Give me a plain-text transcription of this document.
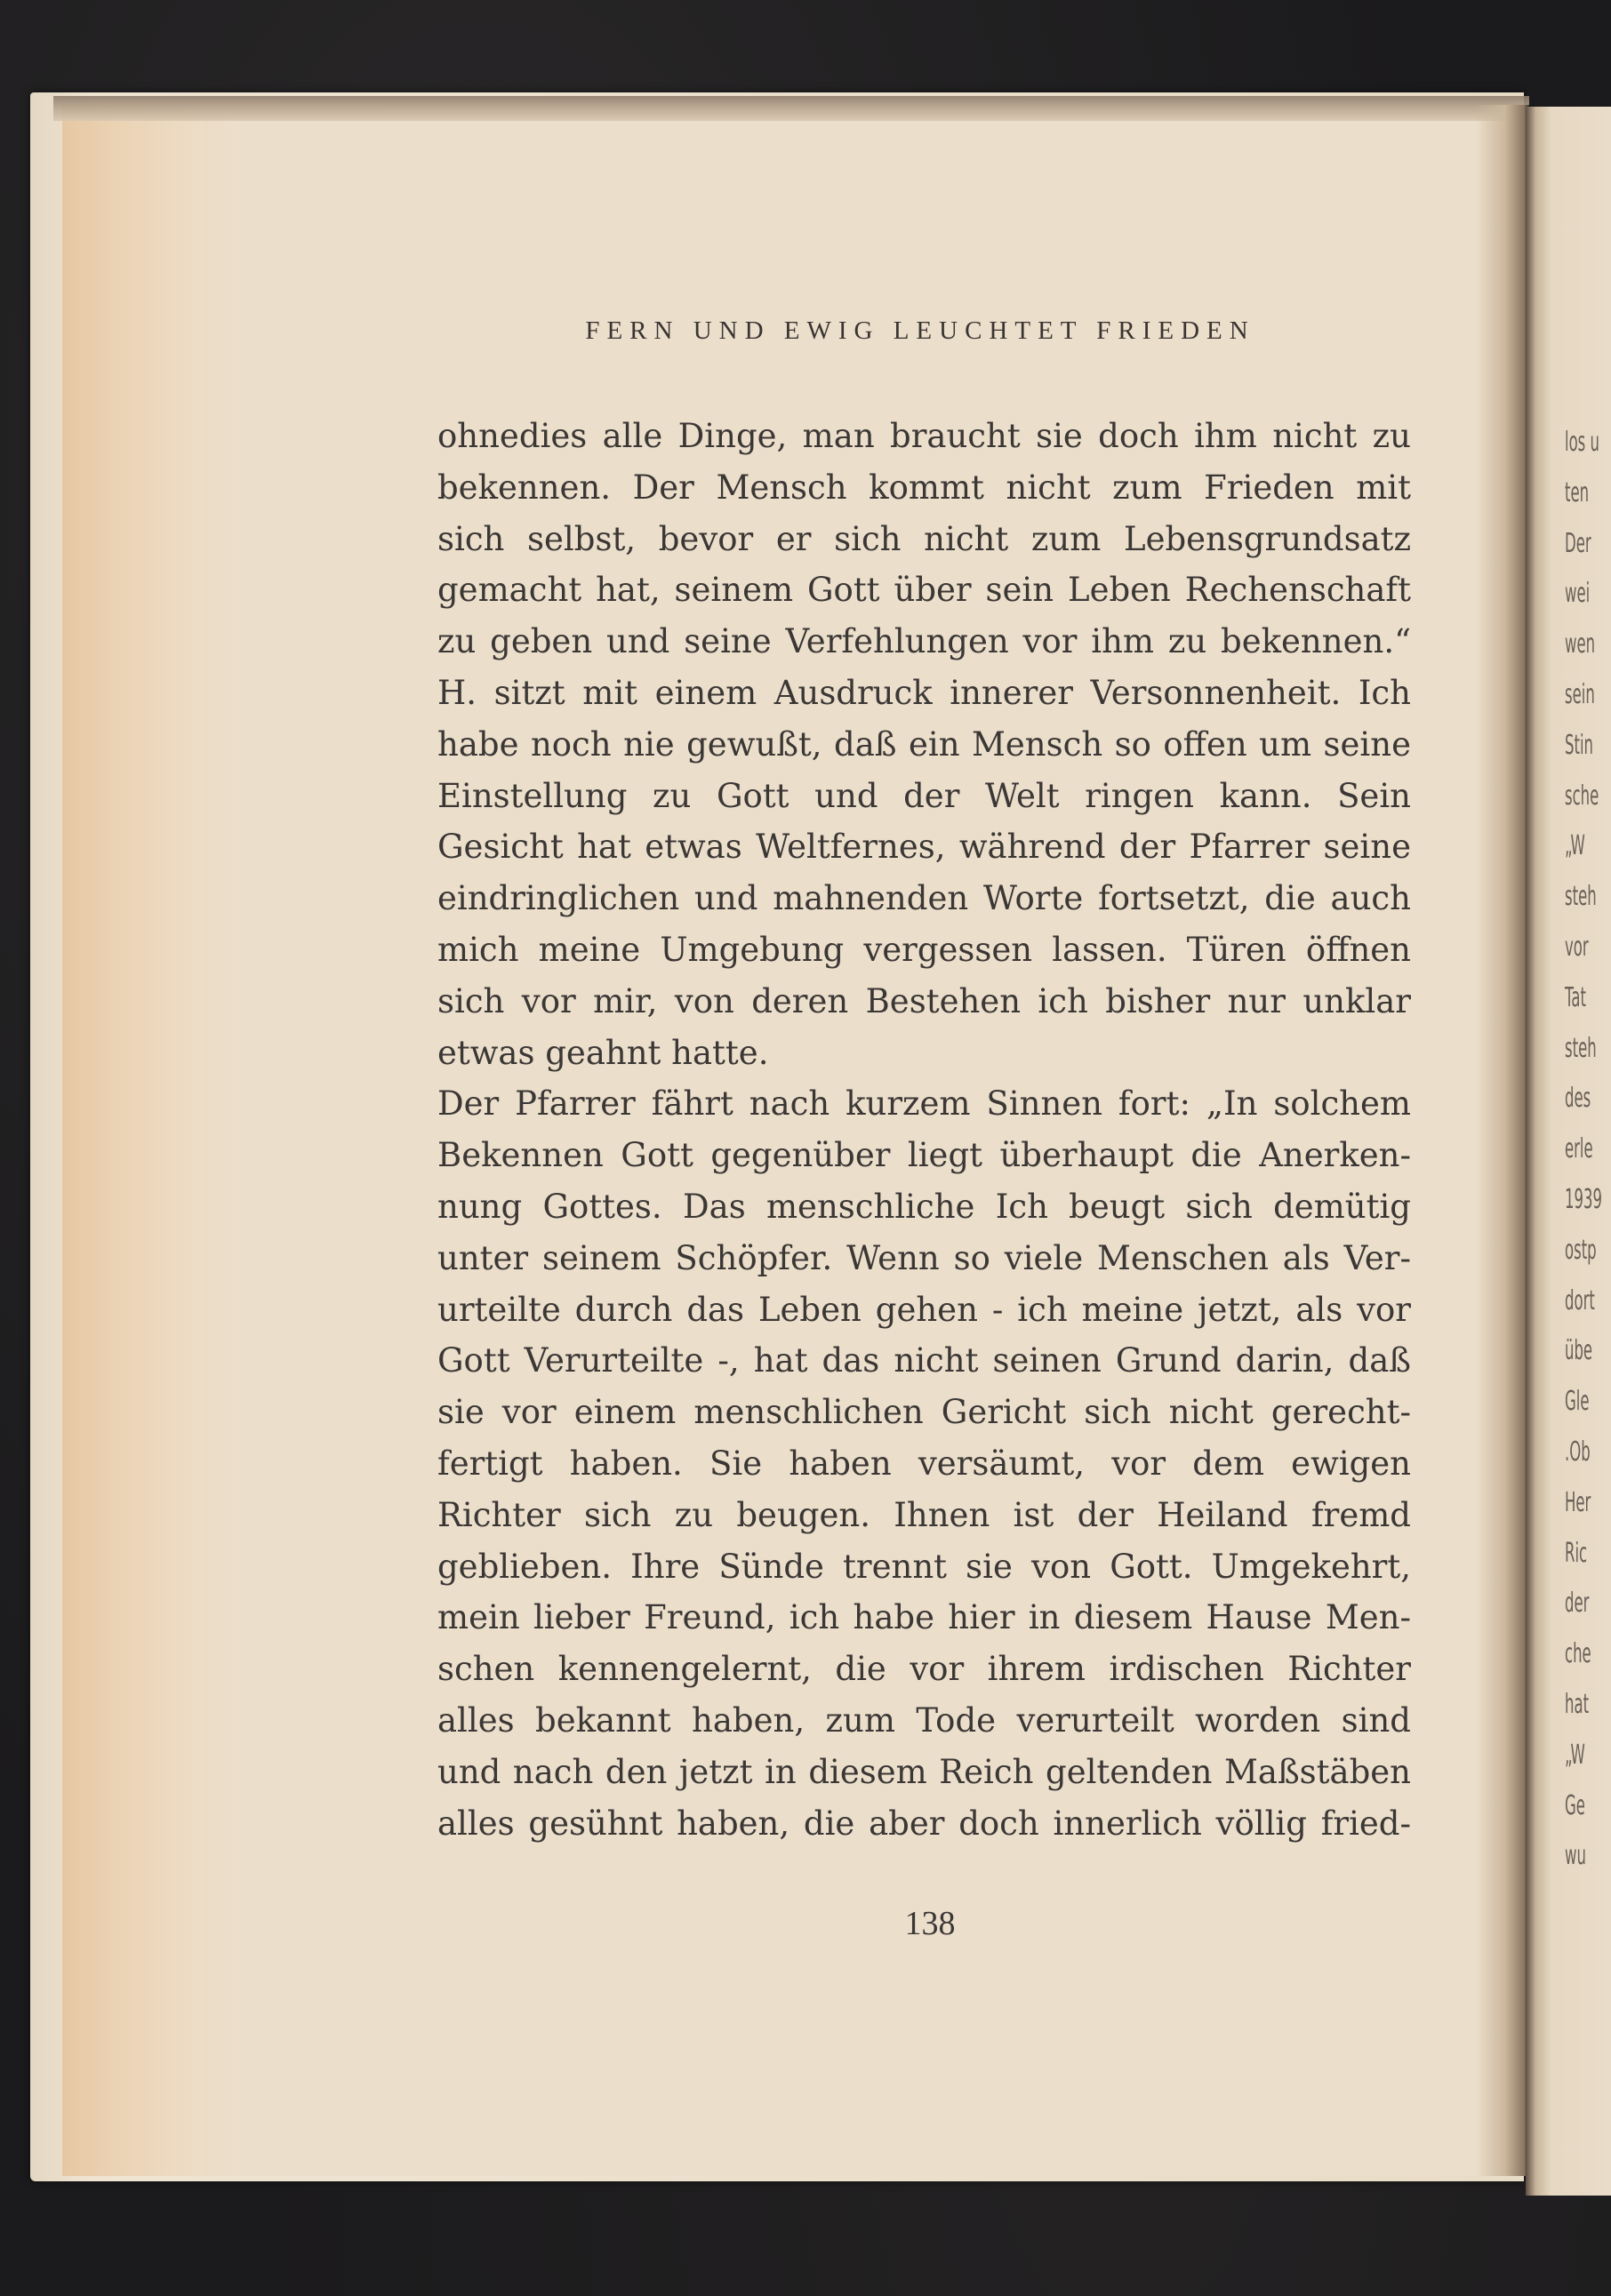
los u
ten
Der
wei
wen
sein
Stin
sche
„W
steh
vor
Tat
steh
des
erle
1939
ostp
dort
übe
Gle
.Ob
Her
Ric
der
che
hat
„W
Ge
wu
FERN UND EWIG LEUCHTET FRIEDEN
ohnedies alle Dinge, man braucht sie doch ihm nicht zu
bekennen. Der Mensch kommt nicht zum Frieden mit
sich selbst, bevor er sich nicht zum Lebensgrundsatz
gemacht hat, seinem Gott über sein Leben Rechenschaft
zu geben und seine Verfehlungen vor ihm zu bekennen.“
H. sitzt mit einem Ausdruck innerer Versonnenheit. Ich
habe noch nie gewußt, daß ein Mensch so offen um seine
Einstellung zu Gott und der Welt ringen kann. Sein
Gesicht hat etwas Weltfernes, während der Pfarrer seine
eindringlichen und mahnenden Worte fortsetzt, die auch
mich meine Umgebung vergessen lassen. Türen öffnen
sich vor mir, von deren Bestehen ich bisher nur unklar
etwas geahnt hatte.
Der Pfarrer fährt nach kurzem Sinnen fort: „In solchem
Bekennen Gott gegenüber liegt überhaupt die Anerken-
nung Gottes. Das menschliche Ich beugt sich demütig
unter seinem Schöpfer. Wenn so viele Menschen als Ver-
urteilte durch das Leben gehen - ich meine jetzt, als vor
Gott Verurteilte -, hat das nicht seinen Grund darin, daß
sie vor einem menschlichen Gericht sich nicht gerecht-
fertigt haben. Sie haben versäumt, vor dem ewigen
Richter sich zu beugen. Ihnen ist der Heiland fremd
geblieben. Ihre Sünde trennt sie von Gott. Umgekehrt,
mein lieber Freund, ich habe hier in diesem Hause Men-
schen kennengelernt, die vor ihrem irdischen Richter
alles bekannt haben, zum Tode verurteilt worden sind
und nach den jetzt in diesem Reich geltenden Maßstäben
alles gesühnt haben, die aber doch innerlich völlig fried-
138
